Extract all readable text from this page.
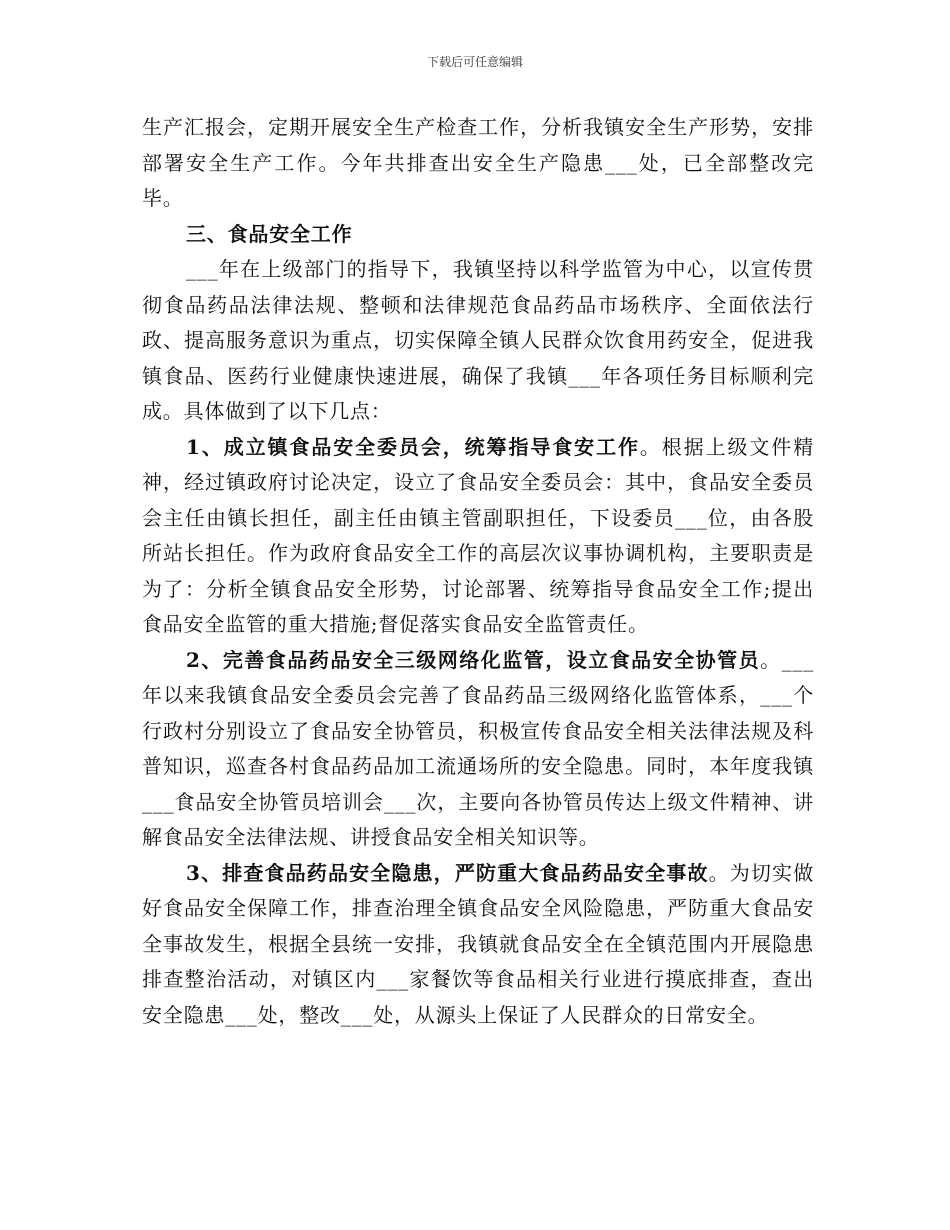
下载后可任意编辑

生产汇报会，定期开展安全生产检查工作，分析我镇安全生产形势，安排部署安全生产工作。今年共排查出安全生产隐患___处，已全部整改完毕。

三、食品安全工作

___年在上级部门的指导下，我镇坚持以科学监管为中心，以宣传贯彻食品药品法律法规、整顿和法律规范食品药品市场秩序、全面依法行政、提高服务意识为重点，切实保障全镇人民群众饮食用药安全，促进我镇食品、医药行业健康快速进展，确保了我镇___年各项任务目标顺利完成。具体做到了以下几点：

1、成立镇食品安全委员会，统筹指导食安工作。根据上级文件精神，经过镇政府讨论决定，设立了食品安全委员会：其中，食品安全委员会主任由镇长担任，副主任由镇主管副职担任，下设委员___位，由各股所站长担任。作为政府食品安全工作的高层次议事协调机构，主要职责是为了：分析全镇食品安全形势，讨论部署、统筹指导食品安全工作;提出食品安全监管的重大措施;督促落实食品安全监管责任。

2、完善食品药品安全三级网络化监管，设立食品安全协管员。___年以来我镇食品安全委员会完善了食品药品三级网络化监管体系，___个行政村分别设立了食品安全协管员，积极宣传食品安全相关法律法规及科普知识，巡查各村食品药品加工流通场所的安全隐患。同时，本年度我镇___食品安全协管员培训会___次，主要向各协管员传达上级文件精神、讲解食品安全法律法规、讲授食品安全相关知识等。

3、排查食品药品安全隐患，严防重大食品药品安全事故。为切实做好食品安全保障工作，排查治理全镇食品安全风险隐患，严防重大食品安全事故发生，根据全县统一安排，我镇就食品安全在全镇范围内开展隐患排查整治活动，对镇区内___家餐饮等食品相关行业进行摸底排查，查出安全隐患___处，整改___处，从源头上保证了人民群众的日常安全。
